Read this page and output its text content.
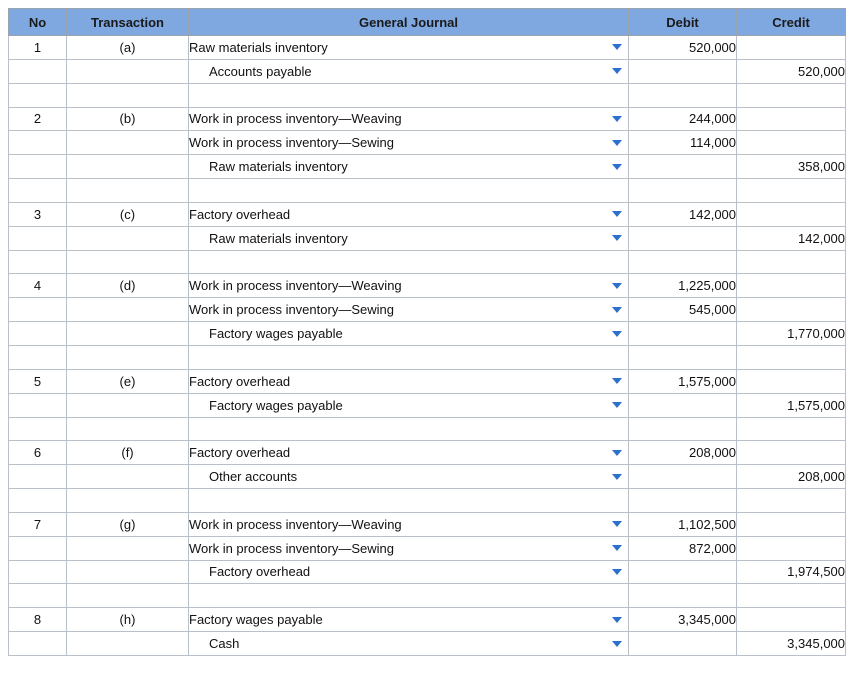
No	Transaction	General Journal	Debit	Credit
1	(a)	Raw materials inventory	520,000	
		Accounts payable		520,000

2	(b)	Work in process inventory—Weaving	244,000	
		Work in process inventory—Sewing	114,000	
		Raw materials inventory		358,000

3	(c)	Factory overhead	142,000	
		Raw materials inventory		142,000

4	(d)	Work in process inventory—Weaving	1,225,000	
		Work in process inventory—Sewing	545,000	
		Factory wages payable		1,770,000

5	(e)	Factory overhead	1,575,000	
		Factory wages payable		1,575,000

6	(f)	Factory overhead	208,000	
		Other accounts		208,000

7	(g)	Work in process inventory—Weaving	1,102,500	
		Work in process inventory—Sewing	872,000	
		Factory overhead		1,974,500

8	(h)	Factory wages payable	3,345,000	
		Cash		3,345,000
